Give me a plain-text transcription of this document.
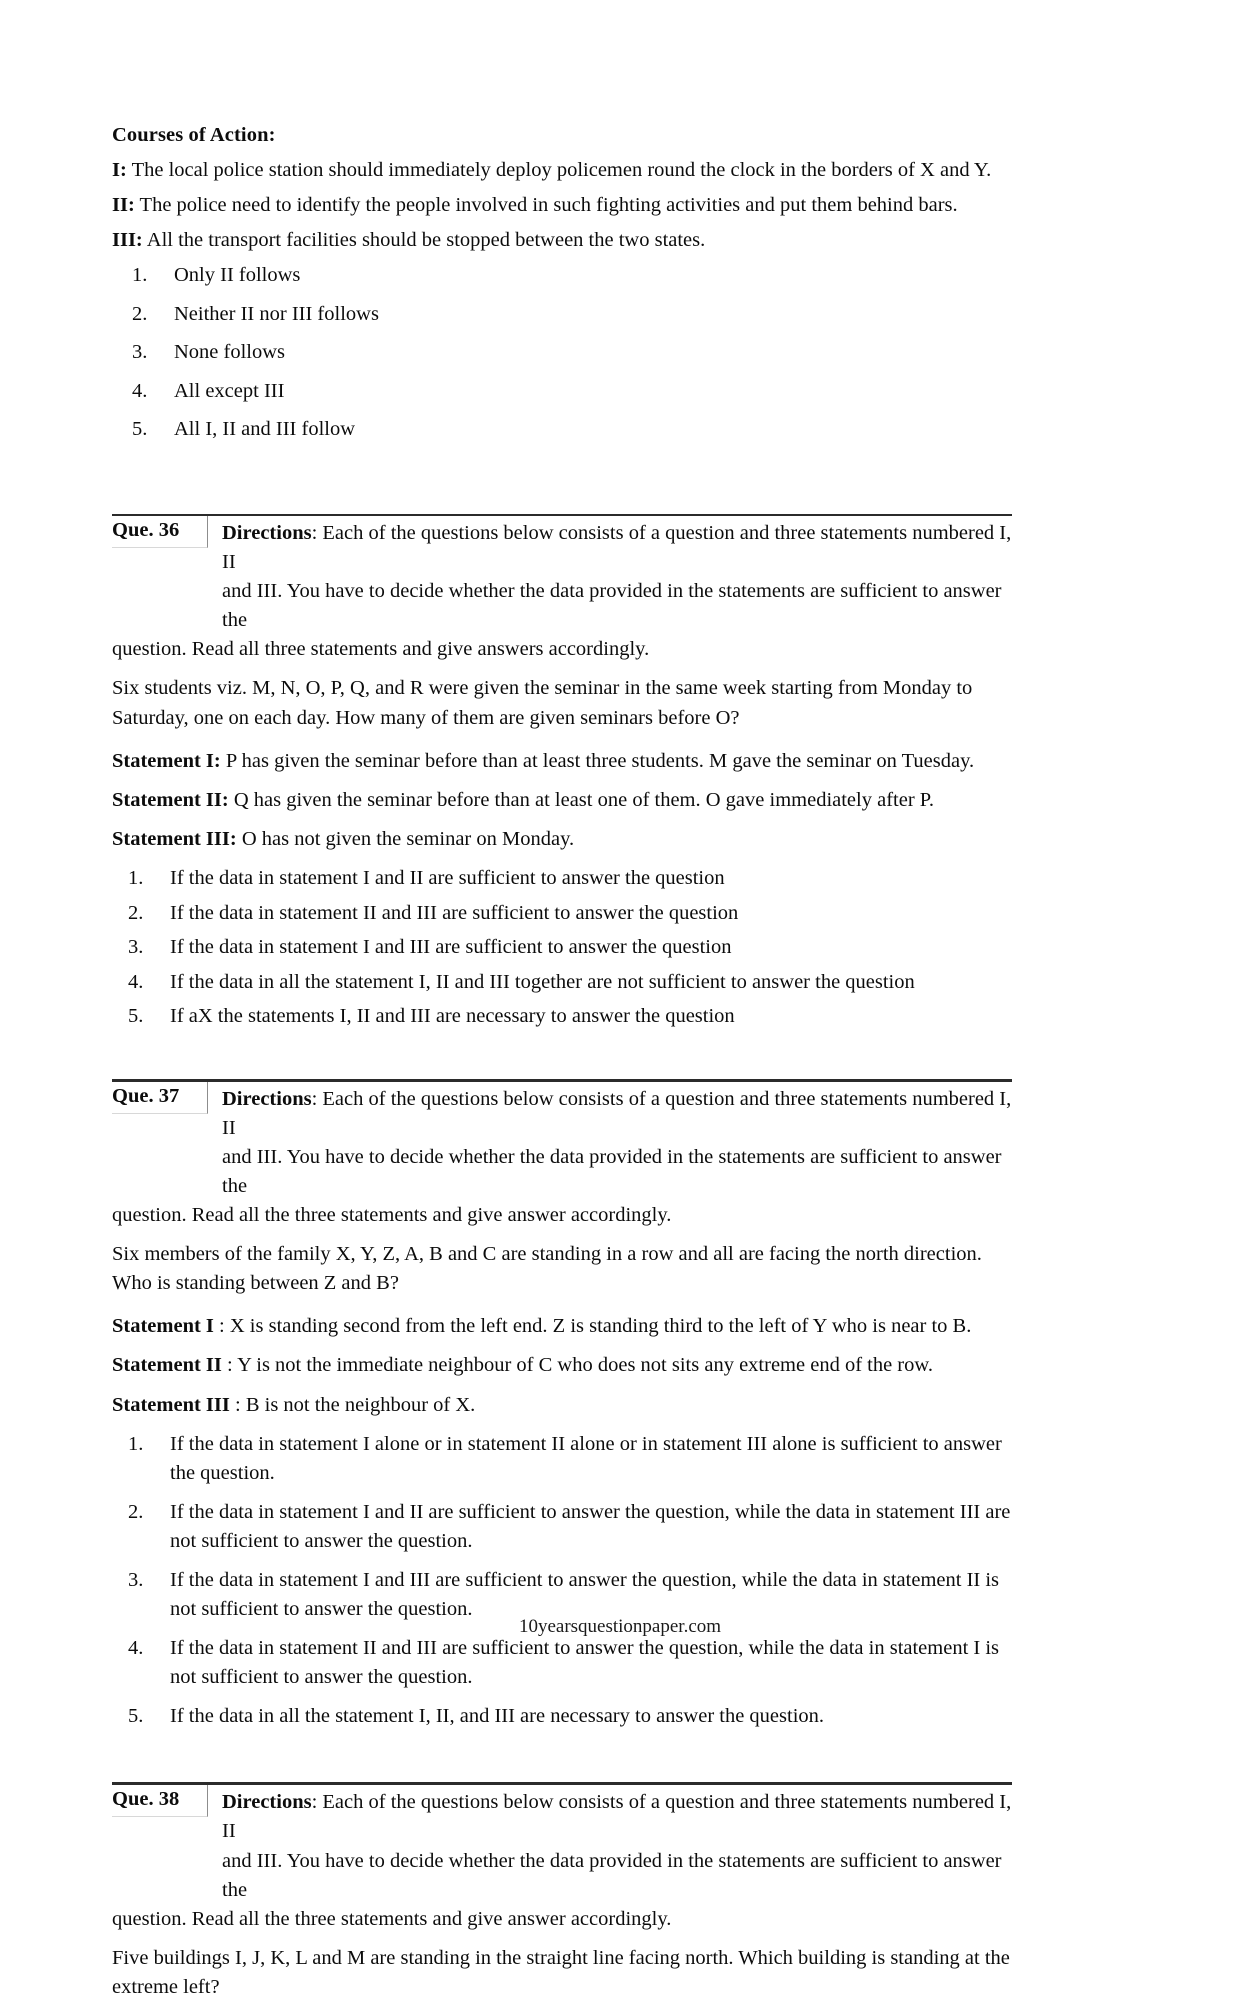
Courses of Action:

I: The local police station should immediately deploy policemen round the clock in the borders of X and Y.

II: The police need to identify the people involved in such fighting activities and put them behind bars.

III: All the transport facilities should be stopped between the two states.

1.	Only II follows
2.	Neither II nor III follows
3.	None follows
4.	All except III
5.	All I, II and III follow
Que. 36	Directions: Each of the questions below consists of a question and three statements numbered I, II

and III. You have to decide whether the data provided in the statements are sufficient to answer the

question. Read all three statements and give answers accordingly.

Six students viz. M, N, O, P, Q, and R were given the seminar in the same week starting from Monday to Saturday, one on each day. How many of them are given seminars before O?

Statement I: P has given the seminar before than at least three students. M gave the seminar on Tuesday.

Statement II: Q has given the seminar before than at least one of them. O gave immediately after P.

Statement III: O has not given the seminar on Monday.

1.	If the data in statement I and II are sufficient to answer the question
2.	If the data in statement II and III are sufficient to answer the question
3.	If the data in statement I and III are sufficient to answer the question
4.	If the data in all the statement I, II and III together are not sufficient to answer the question
5.	If aX the statements I, II and III are necessary to answer the question
Que. 37	Directions: Each of the questions below consists of a question and three statements numbered I, II

and III. You have to decide whether the data provided in the statements are sufficient to answer the

question. Read all the three statements and give answer accordingly.

Six members of the family X, Y, Z, A, B and C are standing in a row and all are facing the north direction. Who is standing between Z and B?

Statement I : X is standing second from the left end. Z is standing third to the left of Y who is near to B.

Statement II : Y is not the immediate neighbour of C who does not sits any extreme end of the row.

Statement III : B is not the neighbour of X.

1.	If the data in statement I alone or in statement II alone or in statement III alone is sufficient to answer the question.
2.	If the data in statement I and II are sufficient to answer the question, while the data in statement III are not sufficient to answer the question.
3.	If the data in statement I and III are sufficient to answer the question, while the data in statement II is not sufficient to answer the question.
4.	If the data in statement II and III are sufficient to answer the question, while the data in statement I is not sufficient to answer the question.
5.	If the data in all the statement I, II, and III are necessary to answer the question.
Que. 38	Directions: Each of the questions below consists of a question and three statements numbered I, II

and III. You have to decide whether the data provided in the statements are sufficient to answer the

question. Read all the three statements and give answer accordingly.

Five buildings I, J, K, L and M are standing in the straight line facing north. Which building is standing at the extreme left?

10yearsquestionpaper.com
